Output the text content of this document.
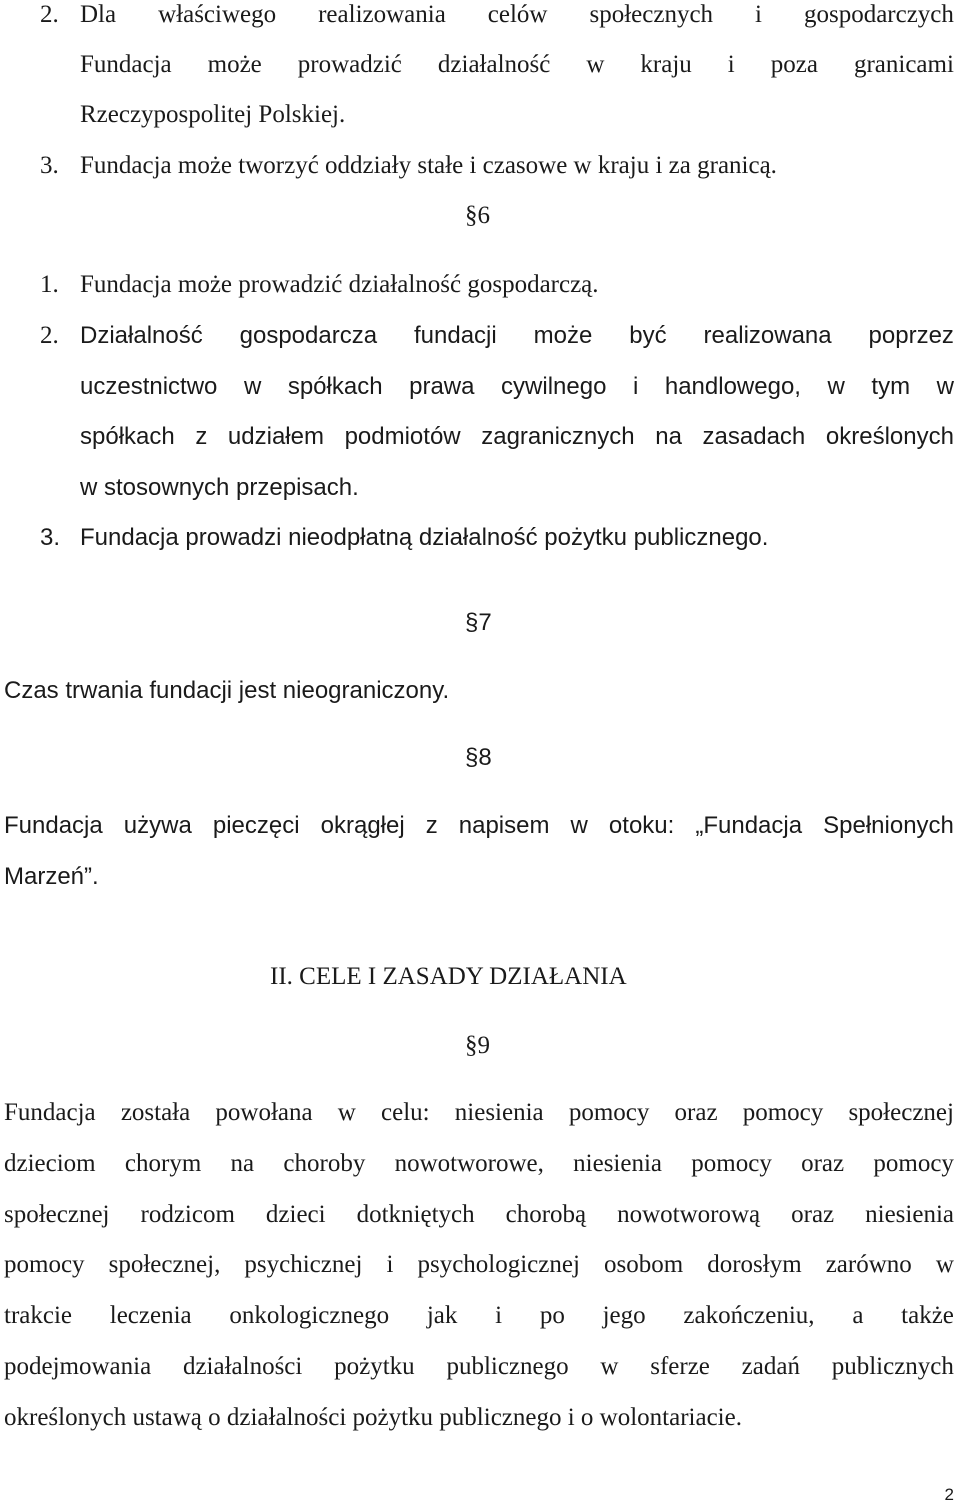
2. Dla właściwego realizowania celów społecznych i gospodarczych
Fundacja może prowadzić działalność w kraju i poza granicami
Rzeczypospolitej Polskiej.
3. Fundacja może tworzyć oddziały stałe i czasowe w kraju i za granicą.
§6
1. Fundacja może prowadzić działalność gospodarczą.
2. Działalność gospodarcza fundacji może być realizowana poprzez
uczestnictwo w spółkach prawa cywilnego i handlowego, w tym w
spółkach z udziałem podmiotów zagranicznych na zasadach określonych
w stosownych przepisach.
3. Fundacja prowadzi nieodpłatną działalność pożytku publicznego.
§7
Czas trwania fundacji jest nieograniczony.
§8
Fundacja używa pieczęci okrągłej z napisem w otoku: „Fundacja Spełnionych
Marzeń”.
II. CELE I ZASADY DZIAŁANIA
§9
Fundacja została powołana w celu: niesienia pomocy oraz pomocy społecznej
dzieciom chorym na choroby nowotworowe, niesienia pomocy oraz pomocy
społecznej rodzicom dzieci dotkniętych chorobą nowotworową oraz niesienia
pomocy społecznej, psychicznej i psychologicznej osobom dorosłym zarówno w
trakcie leczenia onkologicznego jak i po jego zakończeniu, a także
podejmowania działalności pożytku publicznego w sferze zadań publicznych
określonych ustawą o działalności pożytku publicznego i o wolontariacie.
2
